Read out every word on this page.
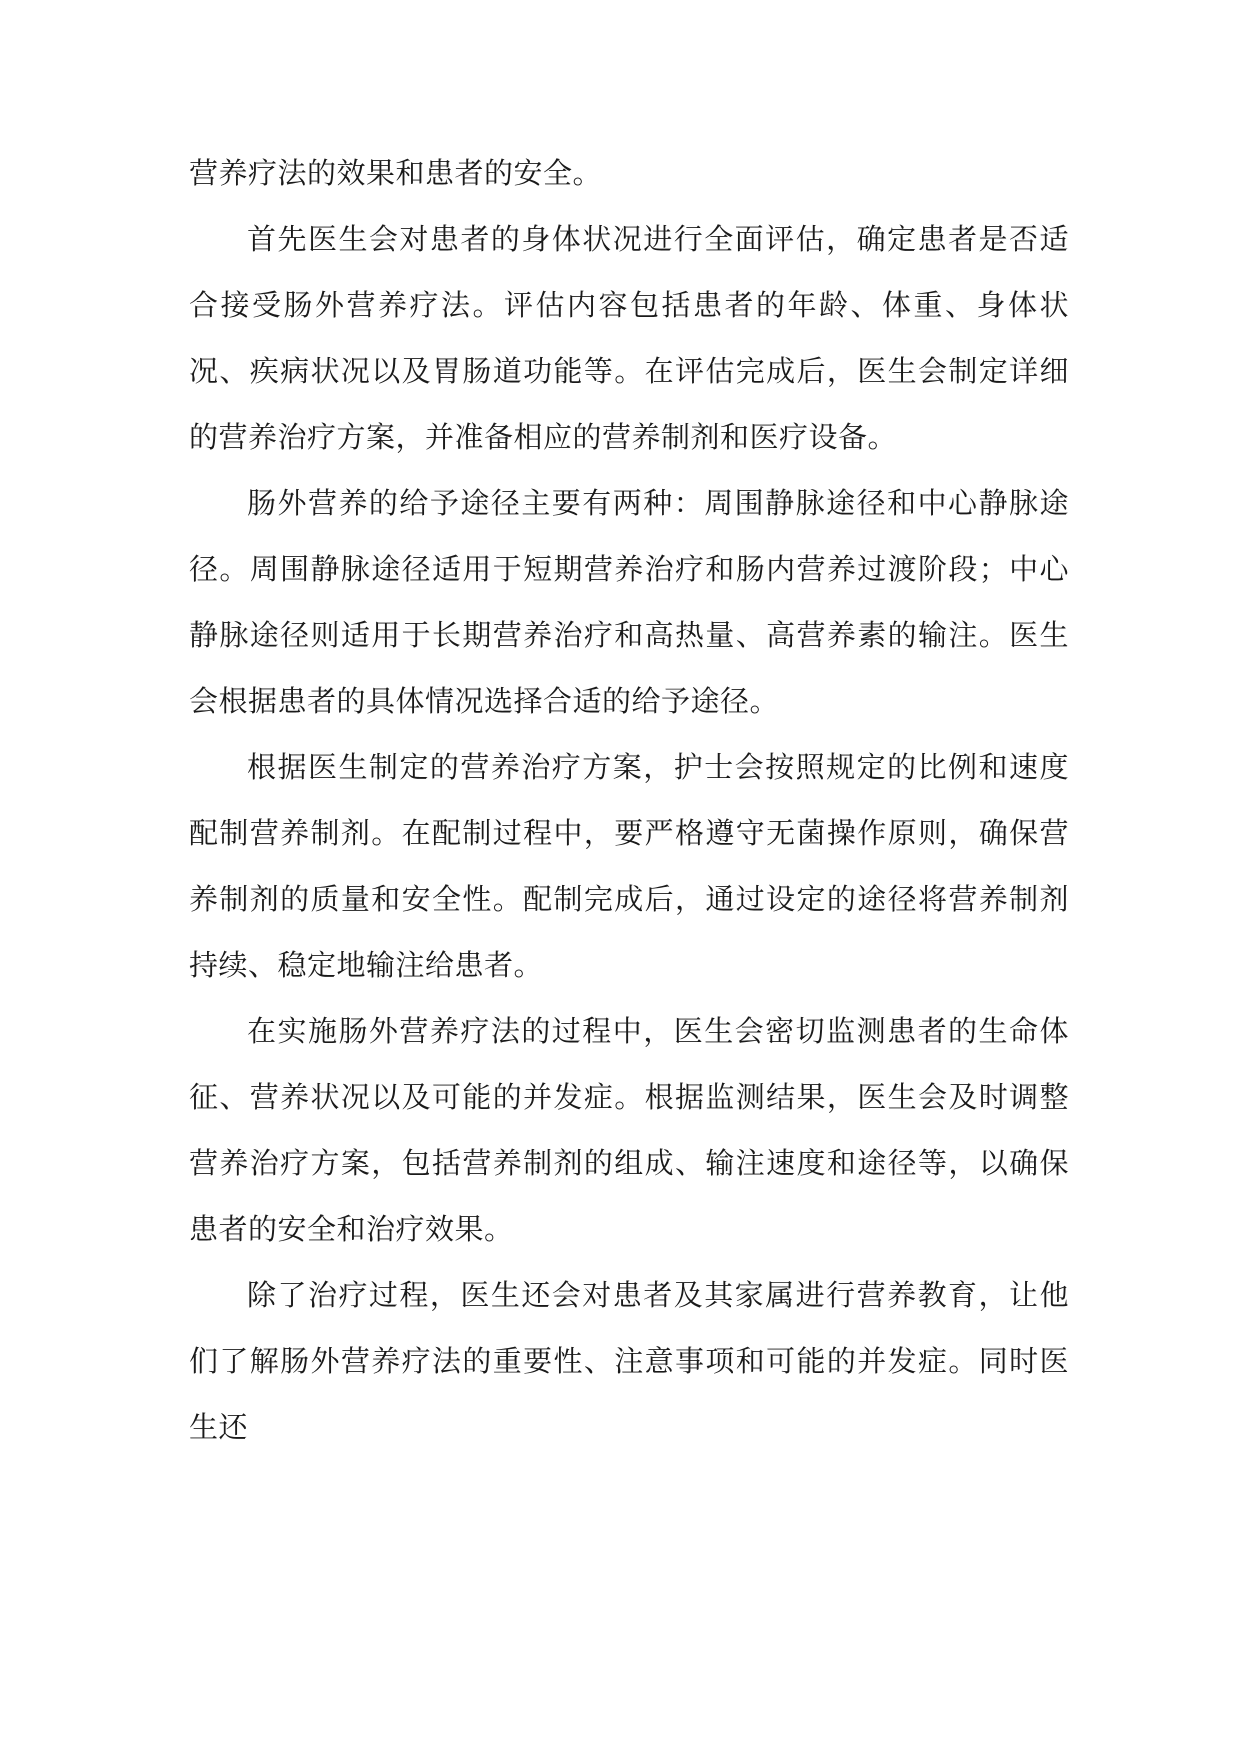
营养疗法的效果和患者的安全。

首先医生会对患者的身体状况进行全面评估，确定患者是否适合接受肠外营养疗法。评估内容包括患者的年龄、体重、身体状况、疾病状况以及胃肠道功能等。在评估完成后，医生会制定详细的营养治疗方案，并准备相应的营养制剂和医疗设备。

肠外营养的给予途径主要有两种：周围静脉途径和中心静脉途径。周围静脉途径适用于短期营养治疗和肠内营养过渡阶段；中心静脉途径则适用于长期营养治疗和高热量、高营养素的输注。医生会根据患者的具体情况选择合适的给予途径。

根据医生制定的营养治疗方案，护士会按照规定的比例和速度配制营养制剂。在配制过程中，要严格遵守无菌操作原则，确保营养制剂的质量和安全性。配制完成后，通过设定的途径将营养制剂持续、稳定地输注给患者。

在实施肠外营养疗法的过程中，医生会密切监测患者的生命体征、营养状况以及可能的并发症。根据监测结果，医生会及时调整营养治疗方案，包括营养制剂的组成、输注速度和途径等，以确保患者的安全和治疗效果。

除了治疗过程，医生还会对患者及其家属进行营养教育，让他们了解肠外营养疗法的重要性、注意事项和可能的并发症。同时医生还
